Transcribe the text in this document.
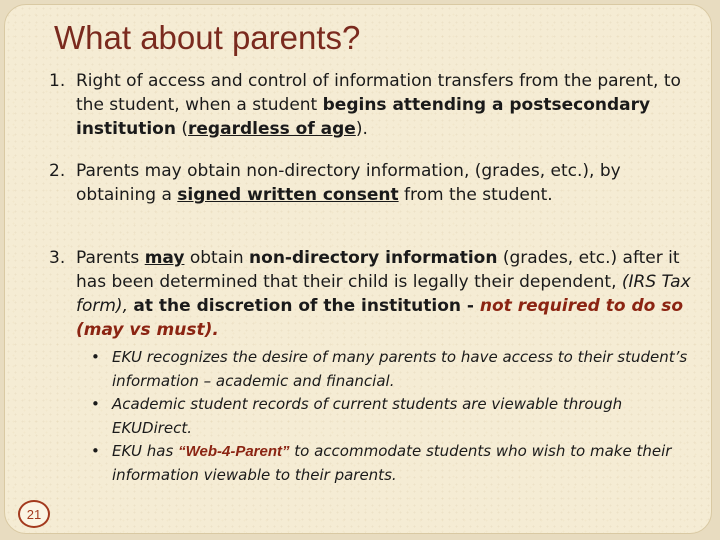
What about parents?
1. Right of access and control of information transfers from the parent, to the student, when a student begins attending a postsecondary institution (regardless of age).
2. Parents may obtain non-directory information, (grades, etc.), by obtaining a signed written consent from the student.
3. Parents may obtain non-directory information (grades, etc.) after it has been determined that their child is legally their dependent, (IRS Tax form), at the discretion of the institution - not required to do so (may vs must).
• EKU recognizes the desire of many parents to have access to their student’s information – academic and financial.
• Academic student records of current students are viewable through EKUDirect.
• EKU has “Web-4-Parent” to accommodate students who wish to make their information viewable to their parents.
21
